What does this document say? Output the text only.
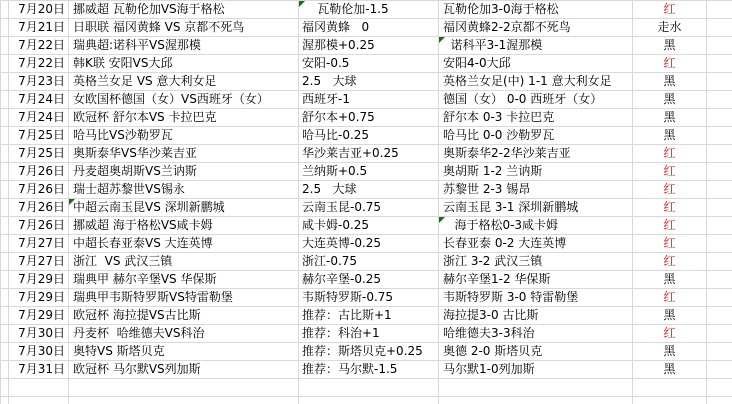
	7月20日	挪威超 瓦勒伦加VS海于格松	瓦勒伦加-1.5	瓦勒伦加3-0海于格松	红	
	7月21日	日职联 福冈黄蜂 VS 京都不死鸟	福冈黄蜂   0	福冈黄蜂2-2京都不死鸟	走水	
	7月22日	瑞典超:诺科平VS渥那模	渥那模+0.25	诺科平3-1渥那模	黑	
	7月22日	韩K联 安阳VS大邱	安阳-0.5	安阳4-0大邱	红	
	7月23日	英格兰女足 VS 意大利女足	2.5   大球	英格兰女足(中) 1-1 意大利女足	黑	
	7月24日	女欧国杯德国（女）VS西班牙（女）	西班牙-1	德国（女） 0-0 西班牙（女）	黑	
	7月24日	欧冠杯 舒尔本VS 卡拉巴克	舒尔本+0.75	舒尔本 0-3 卡拉巴克	黑	
	7月25日	哈马比VS沙勒罗瓦	哈马比-0.25	哈马比 0-0 沙勒罗瓦	黑	
	7月25日	奥斯泰华VS华沙莱吉亚	华沙莱吉亚+0.25	奥斯泰华2-2华沙莱吉亚	红	
	7月26日	丹麦超奥胡斯VS兰讷斯	兰纳斯+0.5	奥胡斯 1-2 兰讷斯	红	
	7月26日	瑞士超苏黎世VS锡永	2.5   大球	苏黎世 2-3 锡昂	红	
	7月26日	中超云南玉昆VS 深圳新鹏城	云南玉昆-0.75	云南玉昆 3-1 深圳新鹏城	红	
	7月26日	挪威超 海于格松VS咸卡姆	咸卡姆-0.25	海于格松0-3咸卡姆	红	
	7月27日	中超长春亚泰VS 大连英博	大连英博-0.25	长春亚泰 0-2 大连英博	红	
	7月27日	浙江  VS 武汉三镇	浙江-0.75	浙江 3-2 武汉三镇	红	
	7月29日	瑞典甲 赫尔辛堡VS 华保斯	赫尔辛堡-0.25	赫尔辛堡1-2 华保斯	黑	
	7月29日	瑞典甲韦斯特罗斯VS特雷勒堡	韦斯特罗斯-0.75	韦斯特罗斯 3-0 特雷勒堡	红	
	7月29日	欧冠杯 海拉提VS古比斯	推荐：古比斯+1	海拉提3-0 古比斯	黑	
	7月30日	丹麦杯  哈维德夫VS科治	推荐：科治+1	哈维德夫3-3科治	红	
	7月30日	奥特VS 斯塔贝克	推荐：斯塔贝克+0.25	奥德 2-0 斯塔贝克	黑	
	7月31日	欧冠杯 马尔默VS列加斯	推荐：马尔默-1.5	马尔默1-0列加斯	黑	
